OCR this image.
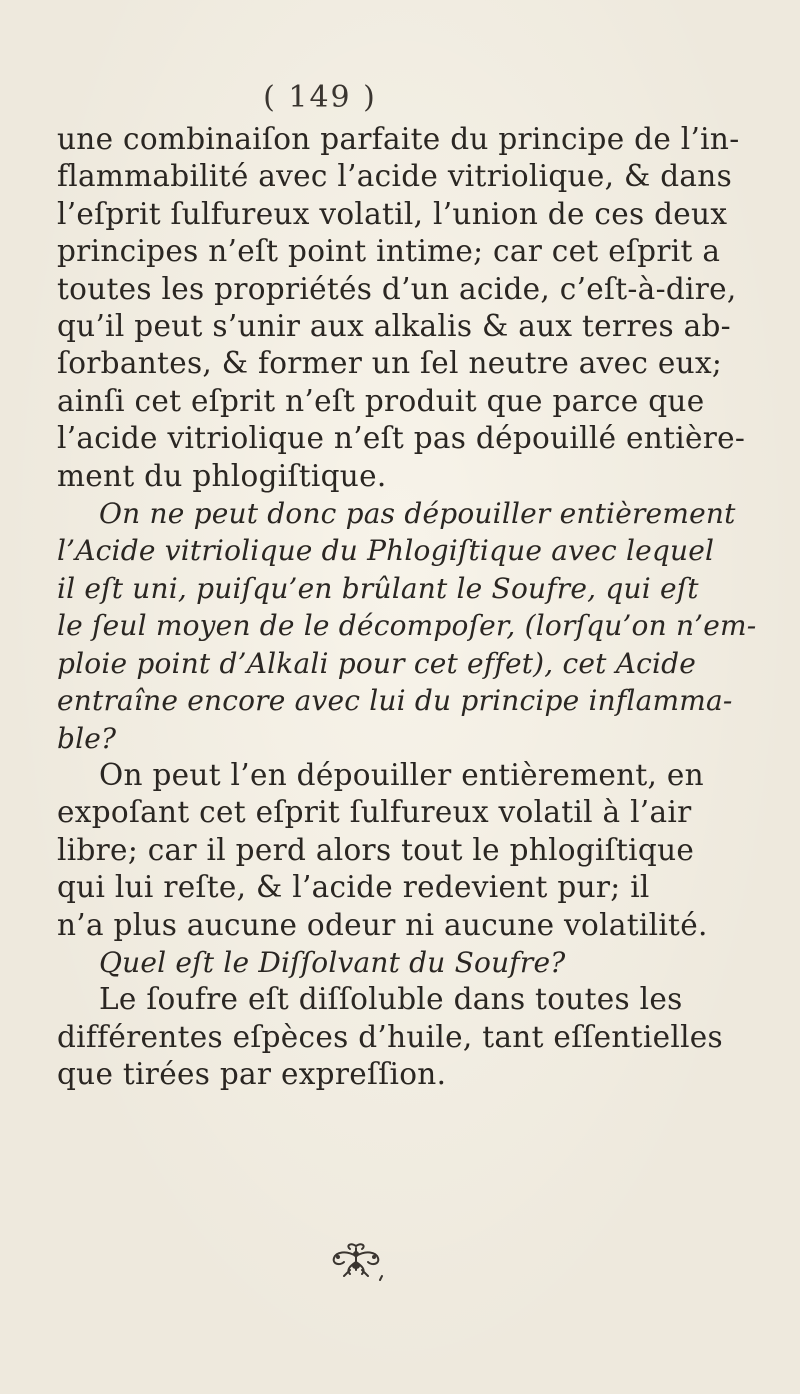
( 149 )
une combinaiſon parfaite du principe de l’in-
flammabilité avec l’acide vitriolique, & dans
l’eſprit ſulfureux volatil, l’union de ces deux
principes n’eſt point intime; car cet eſprit a
toutes les propriétés d’un acide, c’eſt-à-dire,
qu’il peut s’unir aux alkalis & aux terres ab-
ſorbantes, & former un ſel neutre avec eux;
ainſi cet eſprit n’eſt produit que parce que
l’acide vitriolique n’eſt pas dépouillé entière-
ment du phlogiſtique.
On ne peut donc pas dépouiller entièrement
l’Acide vitriolique du Phlogiſtique avec lequel
il eſt uni, puiſqu’en brûlant le Soufre, qui eſt
le ſeul moyen de le décompoſer, (lorſqu’on n’em-
ploie point d’Alkali pour cet effet), cet Acide
entraîne encore avec lui du principe inflamma-
ble?
On peut l’en dépouiller entièrement, en
expoſant cet eſprit ſulfureux volatil à l’air
libre; car il perd alors tout le phlogiſtique
qui lui reſte, & l’acide redevient pur; il
n’a plus aucune odeur ni aucune volatilité.
Quel eſt le Diſſolvant du Soufre?
Le ſoufre eſt diſſoluble dans toutes les
différentes eſpèces d’huile, tant eſſentielles
que tirées par expreſſion.
